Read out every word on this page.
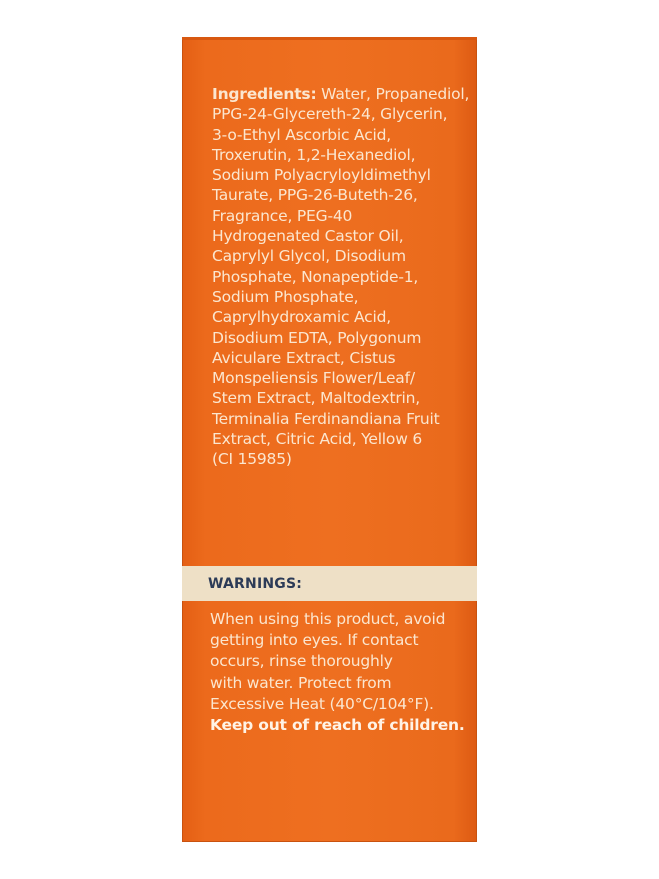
Ingredients: Water, Propanediol,
PPG-24-Glycereth-24, Glycerin,
3-o-Ethyl Ascorbic Acid,
Troxerutin, 1,2-Hexanediol,
Sodium Polyacryloyldimethyl
Taurate, PPG-26-Buteth-26,
Fragrance, PEG-40
Hydrogenated Castor Oil,
Caprylyl Glycol, Disodium
Phosphate, Nonapeptide-1,
Sodium Phosphate,
Caprylhydroxamic Acid,
Disodium EDTA, Polygonum
Aviculare Extract, Cistus
Monspeliensis Flower/Leaf/
Stem Extract, Maltodextrin,
Terminalia Ferdinandiana Fruit
Extract, Citric Acid, Yellow 6
(CI 15985)

WARNINGS:

When using this product, avoid
getting into eyes. If contact
occurs, rinse thoroughly
with water. Protect from
Excessive Heat (40°C/104°F).
Keep out of reach of children.
